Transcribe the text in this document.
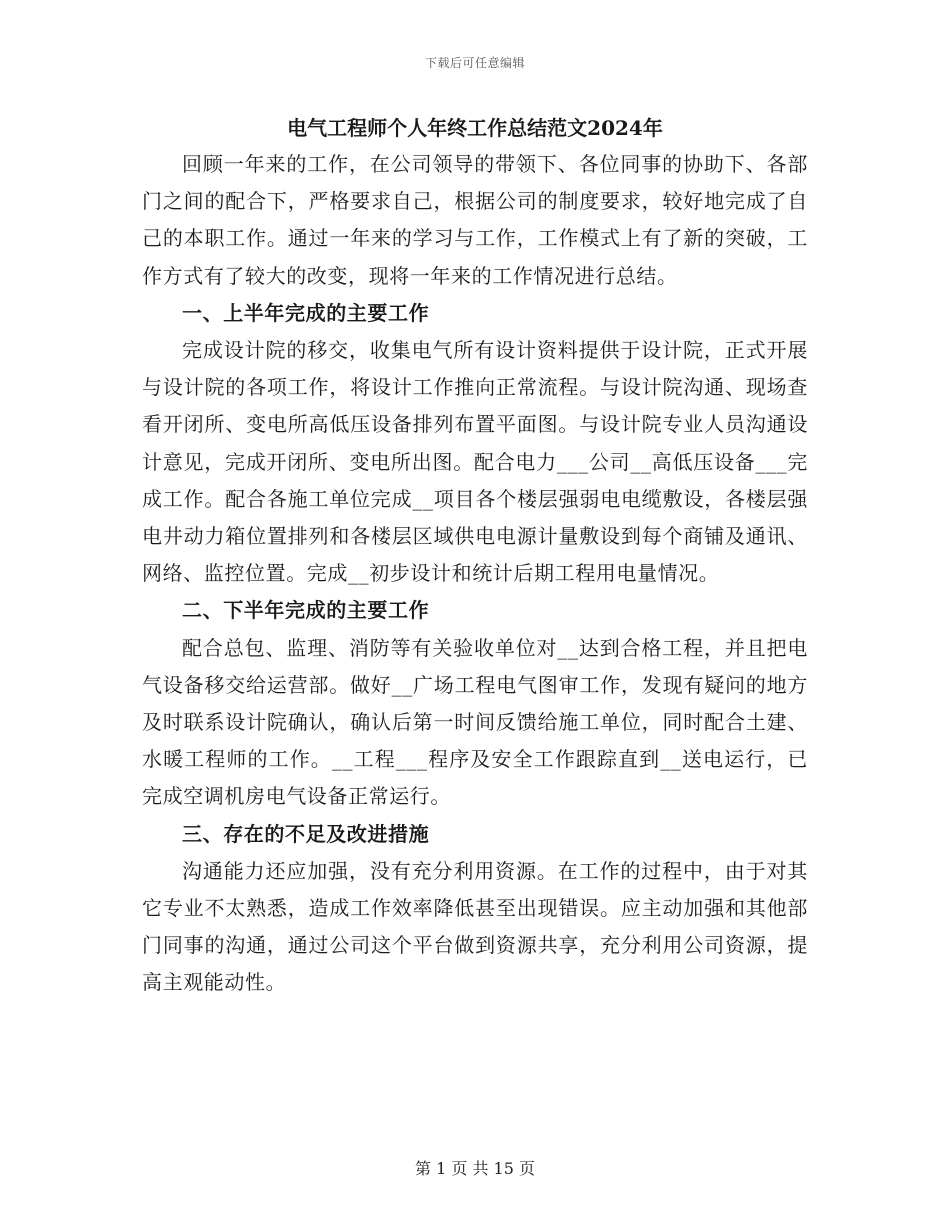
下载后可任意编辑
电气工程师个人年终工作总结范文2024年

回顾一年来的工作，在公司领导的带领下、各位同事的协助下、各部门之间的配合下，严格要求自己，根据公司的制度要求，较好地完成了自己的本职工作。通过一年来的学习与工作，工作模式上有了新的突破，工作方式有了较大的改变，现将一年来的工作情况进行总结。

一、上半年完成的主要工作

完成设计院的移交，收集电气所有设计资料提供于设计院，正式开展与设计院的各项工作，将设计工作推向正常流程。与设计院沟通、现场查看开闭所、变电所高低压设备排列布置平面图。与设计院专业人员沟通设计意见，完成开闭所、变电所出图。配合电力___公司__高低压设备___完成工作。配合各施工单位完成__项目各个楼层强弱电电缆敷设，各楼层强电井动力箱位置排列和各楼层区域供电电源计量敷设到每个商铺及通讯、网络、监控位置。完成__初步设计和统计后期工程用电量情况。

二、下半年完成的主要工作

配合总包、监理、消防等有关验收单位对__达到合格工程，并且把电气设备移交给运营部。做好__广场工程电气图审工作，发现有疑问的地方及时联系设计院确认，确认后第一时间反馈给施工单位，同时配合土建、水暖工程师的工作。__工程___程序及安全工作跟踪直到__送电运行，已完成空调机房电气设备正常运行。

三、存在的不足及改进措施

沟通能力还应加强，没有充分利用资源。在工作的过程中，由于对其它专业不太熟悉，造成工作效率降低甚至出现错误。应主动加强和其他部门同事的沟通，通过公司这个平台做到资源共享，充分利用公司资源，提高主观能动性。

第 1 页 共 15 页
